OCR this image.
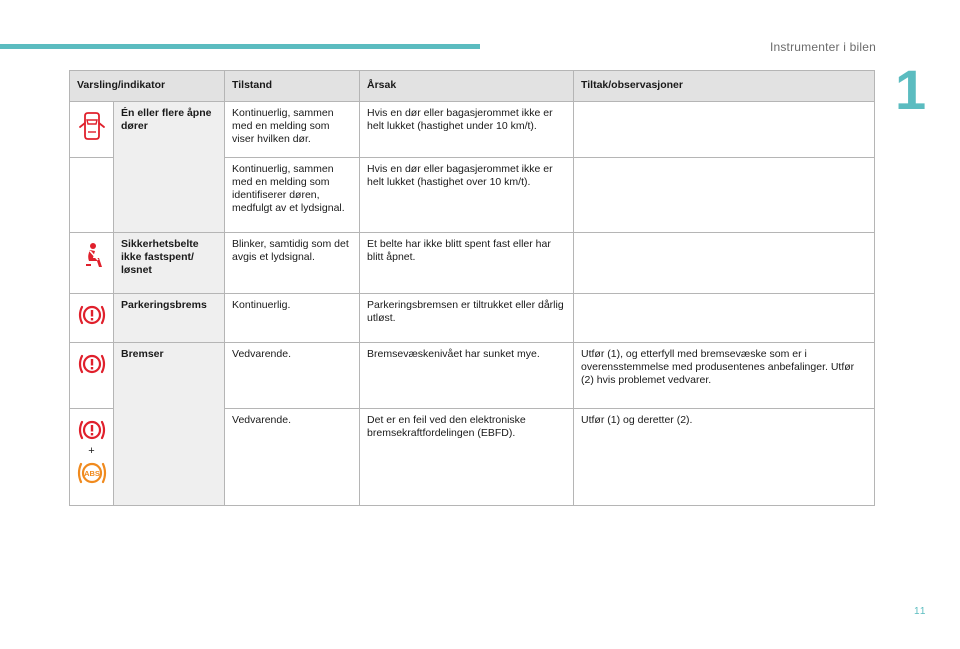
Instrumenter i bilen
1
11
Varsling/indikator		Tilstand	Årsak	Tiltak/observasjoner

	Én eller flere åpne dører	Kontinuerlig, sammen med en melding som viser hvilken dør.	Hvis en dør eller bagasjerommet ikke er helt lukket (hastighet under 10 km/t).	
		Kontinuerlig, sammen med en melding som identifiserer døren, medfulgt av et lydsignal.	Hvis en dør eller bagasjerommet ikke er helt lukket (hastighet over 10 km/t).	

	Sikkerhetsbelte ikke fastspent/ løsnet	Blinker, samtidig som det avgis et lydsignal.	Et belte har ikke blitt spent fast eller har blitt åpnet.	

	Parkeringsbrems	Kontinuerlig.	Parkeringsbremsen er tiltrukket eller dårlig utløst.	

	Bremser	Vedvarende.	Bremsevæskenivået har sunket mye.	Utfør (1), og etterfyll med bremsevæske som er i overensstemmelse med produsentenes anbefalinger. Utfør (2) hvis problemet vedvarer.

+
ABS		Vedvarende.	Det er en feil ved den elektroniske bremsekraftfordelingen (EBFD).	Utfør (1) og deretter (2).
